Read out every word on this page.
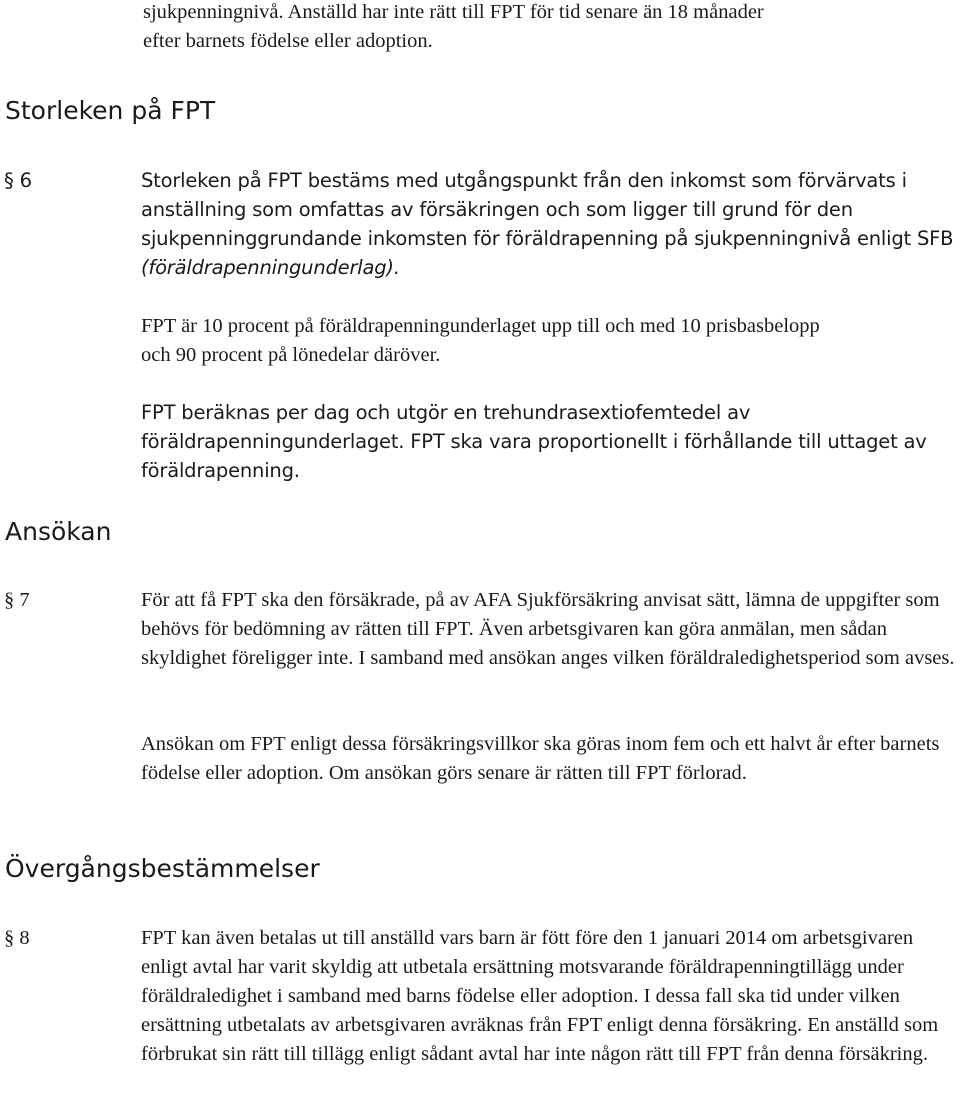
sjukpenningnivå. Anställd har inte rätt till FPT för tid senare än 18 månader
efter barnets födelse eller adoption.
Storleken på FPT
§ 6	Storleken på FPT bestäms med utgångspunkt från den inkomst som förvärvats i anställning som omfattas av försäkringen och som ligger till grund för den sjukpenninggrundande inkomsten för föräldrapenning på sjukpenningnivå enligt SFB (föräldrapenningunderlag).

FPT är 10 procent på föräldrapenningunderlaget upp till och med 10 prisbasbelopp och 90 procent på lönedelar däröver.

FPT beräknas per dag och utgör en trehundrasextiofemtedel av föräldrapenningunderlaget. FPT ska vara proportionellt i förhållande till uttaget av föräldrapenning.

Ansökan
§ 7	För att få FPT ska den försäkrade, på av AFA Sjukförsäkring anvisat sätt, lämna de uppgifter som behövs för bedömning av rätten till FPT. Även arbetsgivaren kan göra anmälan, men sådan skyldighet föreligger inte. I samband med ansökan anges vilken föräldraledighetsperiod som avses.

Ansökan om FPT enligt dessa försäkringsvillkor ska göras inom fem och ett halvt år efter barnets födelse eller adoption. Om ansökan görs senare är rätten till FPT förlorad.

Övergångsbestämmelser
§ 8	FPT kan även betalas ut till anställd vars barn är fött före den 1 januari 2014 om arbetsgivaren enligt avtal har varit skyldig att utbetala ersättning motsvarande föräldrapenningtillägg under föräldraledighet i samband med barns födelse eller adoption. I dessa fall ska tid under vilken ersättning utbetalats av arbetsgivaren avräknas från FPT enligt denna försäkring. En anställd som förbrukat sin rätt till tillägg enligt sådant avtal har inte någon rätt till FPT från denna försäkring.
